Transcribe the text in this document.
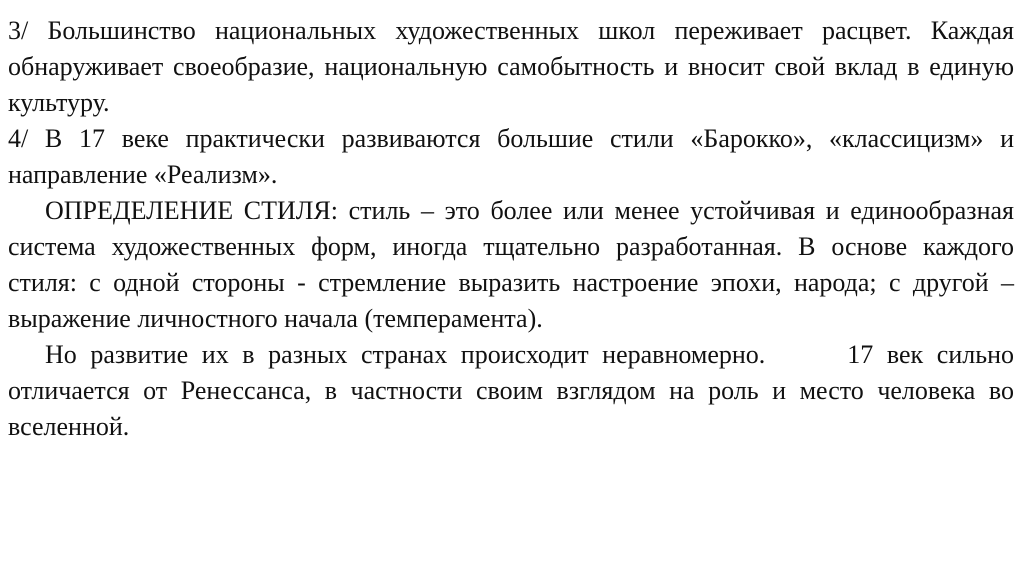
3/ Большинство национальных художественных школ переживает расцвет. Каждая обнаруживает своеобразие, национальную самобытность и вносит свой вклад в единую культуру.

4/ В 17 веке практически развиваются большие стили «Барокко», «классицизм» и направление «Реализм».

ОПРЕДЕЛЕНИЕ СТИЛЯ: стиль – это более или менее устойчивая и единообразная система художественных форм, иногда тщательно разработанная. В основе каждого стиля: с одной стороны - стремление выразить настроение эпохи, народа; с другой – выражение личностного начала (темперамента).

Но развитие их в разных странах происходит неравномерно.	17 век сильно отличается от Ренессанса, в частности своим взглядом на роль и место человека во вселенной.
